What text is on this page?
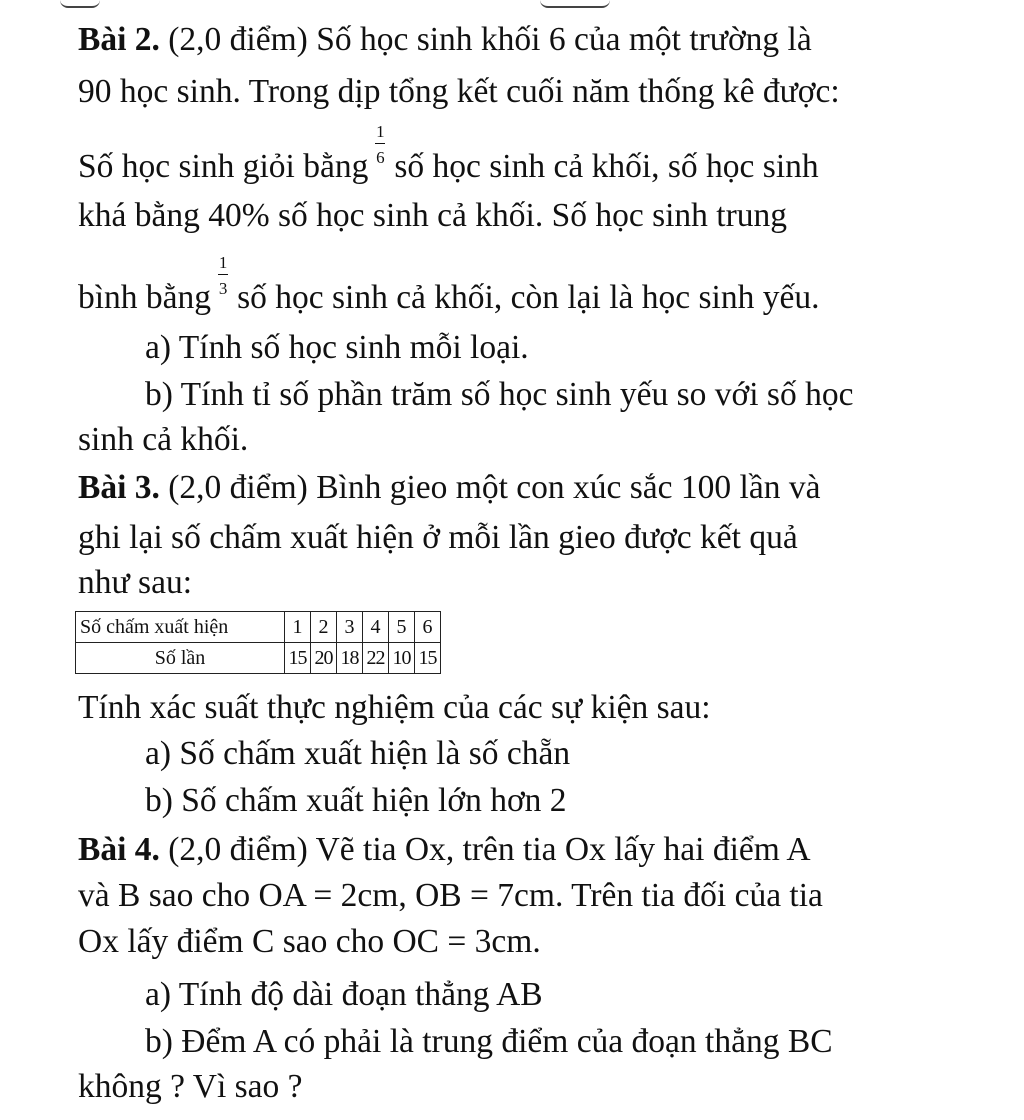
Bài 2. (2,0 điểm) Số học sinh khối 6 của một trường là
90 học sinh. Trong dịp tổng kết cuối năm thống kê được:
Số học sinh giỏi bằng $\frac{1}{6}$ số học sinh cả khối, số học sinh
khá bằng 40% số học sinh cả khối. Số học sinh trung
bình bằng $\frac{1}{3}$ số học sinh cả khối, còn lại là học sinh yếu.
a) Tính số học sinh mỗi loại.
b) Tính tỉ số phần trăm số học sinh yếu so với số học
sinh cả khối.
Bài 3. (2,0 điểm) Bình gieo một con xúc sắc 100 lần và
ghi lại số chấm xuất hiện ở mỗi lần gieo được kết quả
như sau:
Số chấm xuất hiện	1	2	3	4	5	6
Số lần	15	20	18	22	10	15
Tính xác suất thực nghiệm của các sự kiện sau:
a) Số chấm xuất hiện là số chẵn
b) Số chấm xuất hiện lớn hơn 2
Bài 4. (2,0 điểm) Vẽ tia Ox, trên tia Ox lấy hai điểm A
và B sao cho OA = 2cm, OB = 7cm. Trên tia đối của tia
Ox lấy điểm C sao cho OC = 3cm.
a) Tính độ dài đoạn thẳng AB
b) Đểm A có phải là trung điểm của đoạn thẳng BC
không ? Vì sao ?
